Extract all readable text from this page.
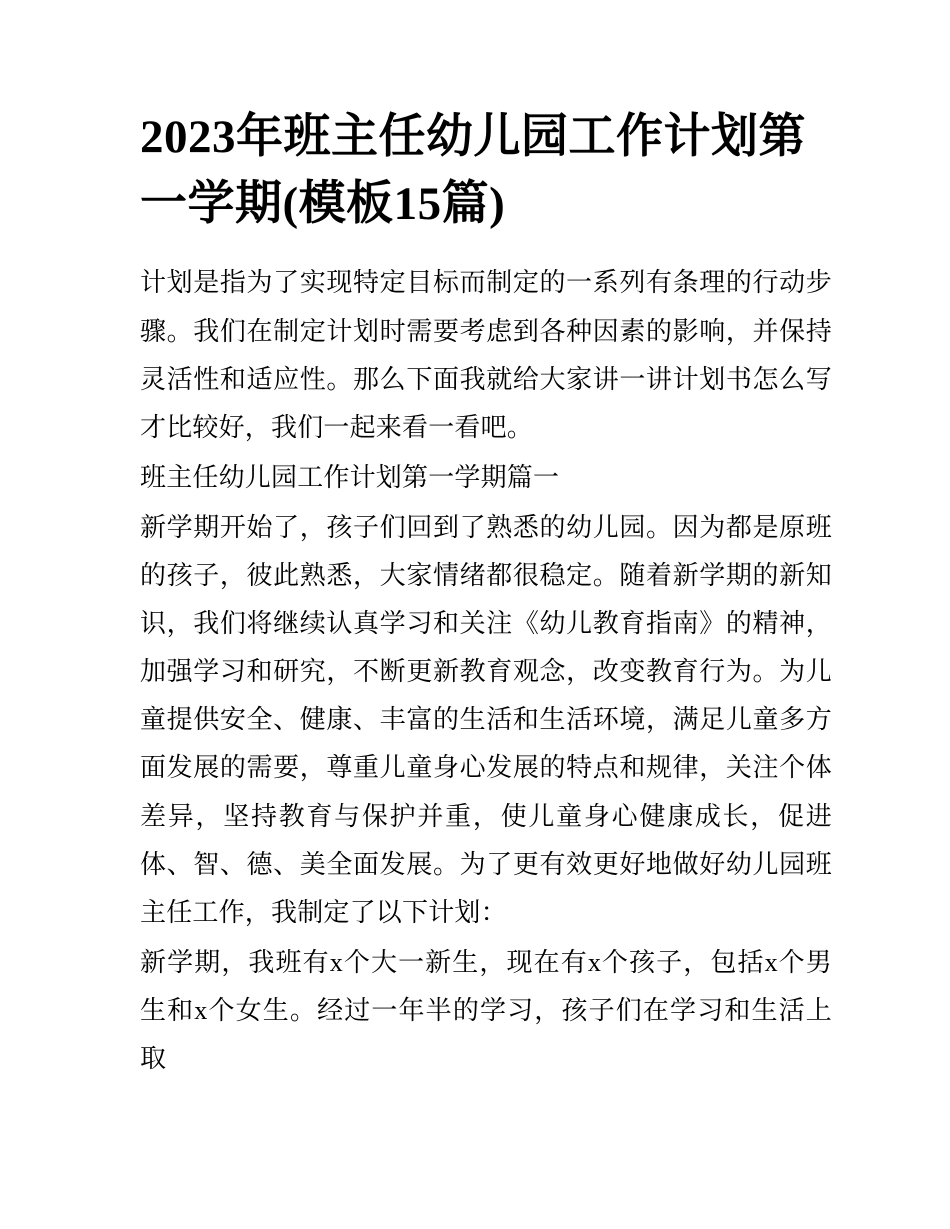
2023年班主任幼儿园工作计划第一学期(模板15篇)

计划是指为了实现特定目标而制定的一系列有条理的行动步骤。我们在制定计划时需要考虑到各种因素的影响，并保持灵活性和适应性。那么下面我就给大家讲一讲计划书怎么写才比较好，我们一起来看一看吧。

班主任幼儿园工作计划第一学期篇一

新学期开始了，孩子们回到了熟悉的幼儿园。因为都是原班的孩子，彼此熟悉，大家情绪都很稳定。随着新学期的新知识，我们将继续认真学习和关注《幼儿教育指南》的精神，加强学习和研究，不断更新教育观念，改变教育行为。为儿童提供安全、健康、丰富的生活和生活环境，满足儿童多方面发展的需要，尊重儿童身心发展的特点和规律，关注个体差异，坚持教育与保护并重，使儿童身心健康成长，促进体、智、德、美全面发展。为了更有效更好地做好幼儿园班主任工作，我制定了以下计划：

新学期，我班有x个大一新生，现在有x个孩子，包括x个男生和x个女生。经过一年半的学习，孩子们在学习和生活上取
